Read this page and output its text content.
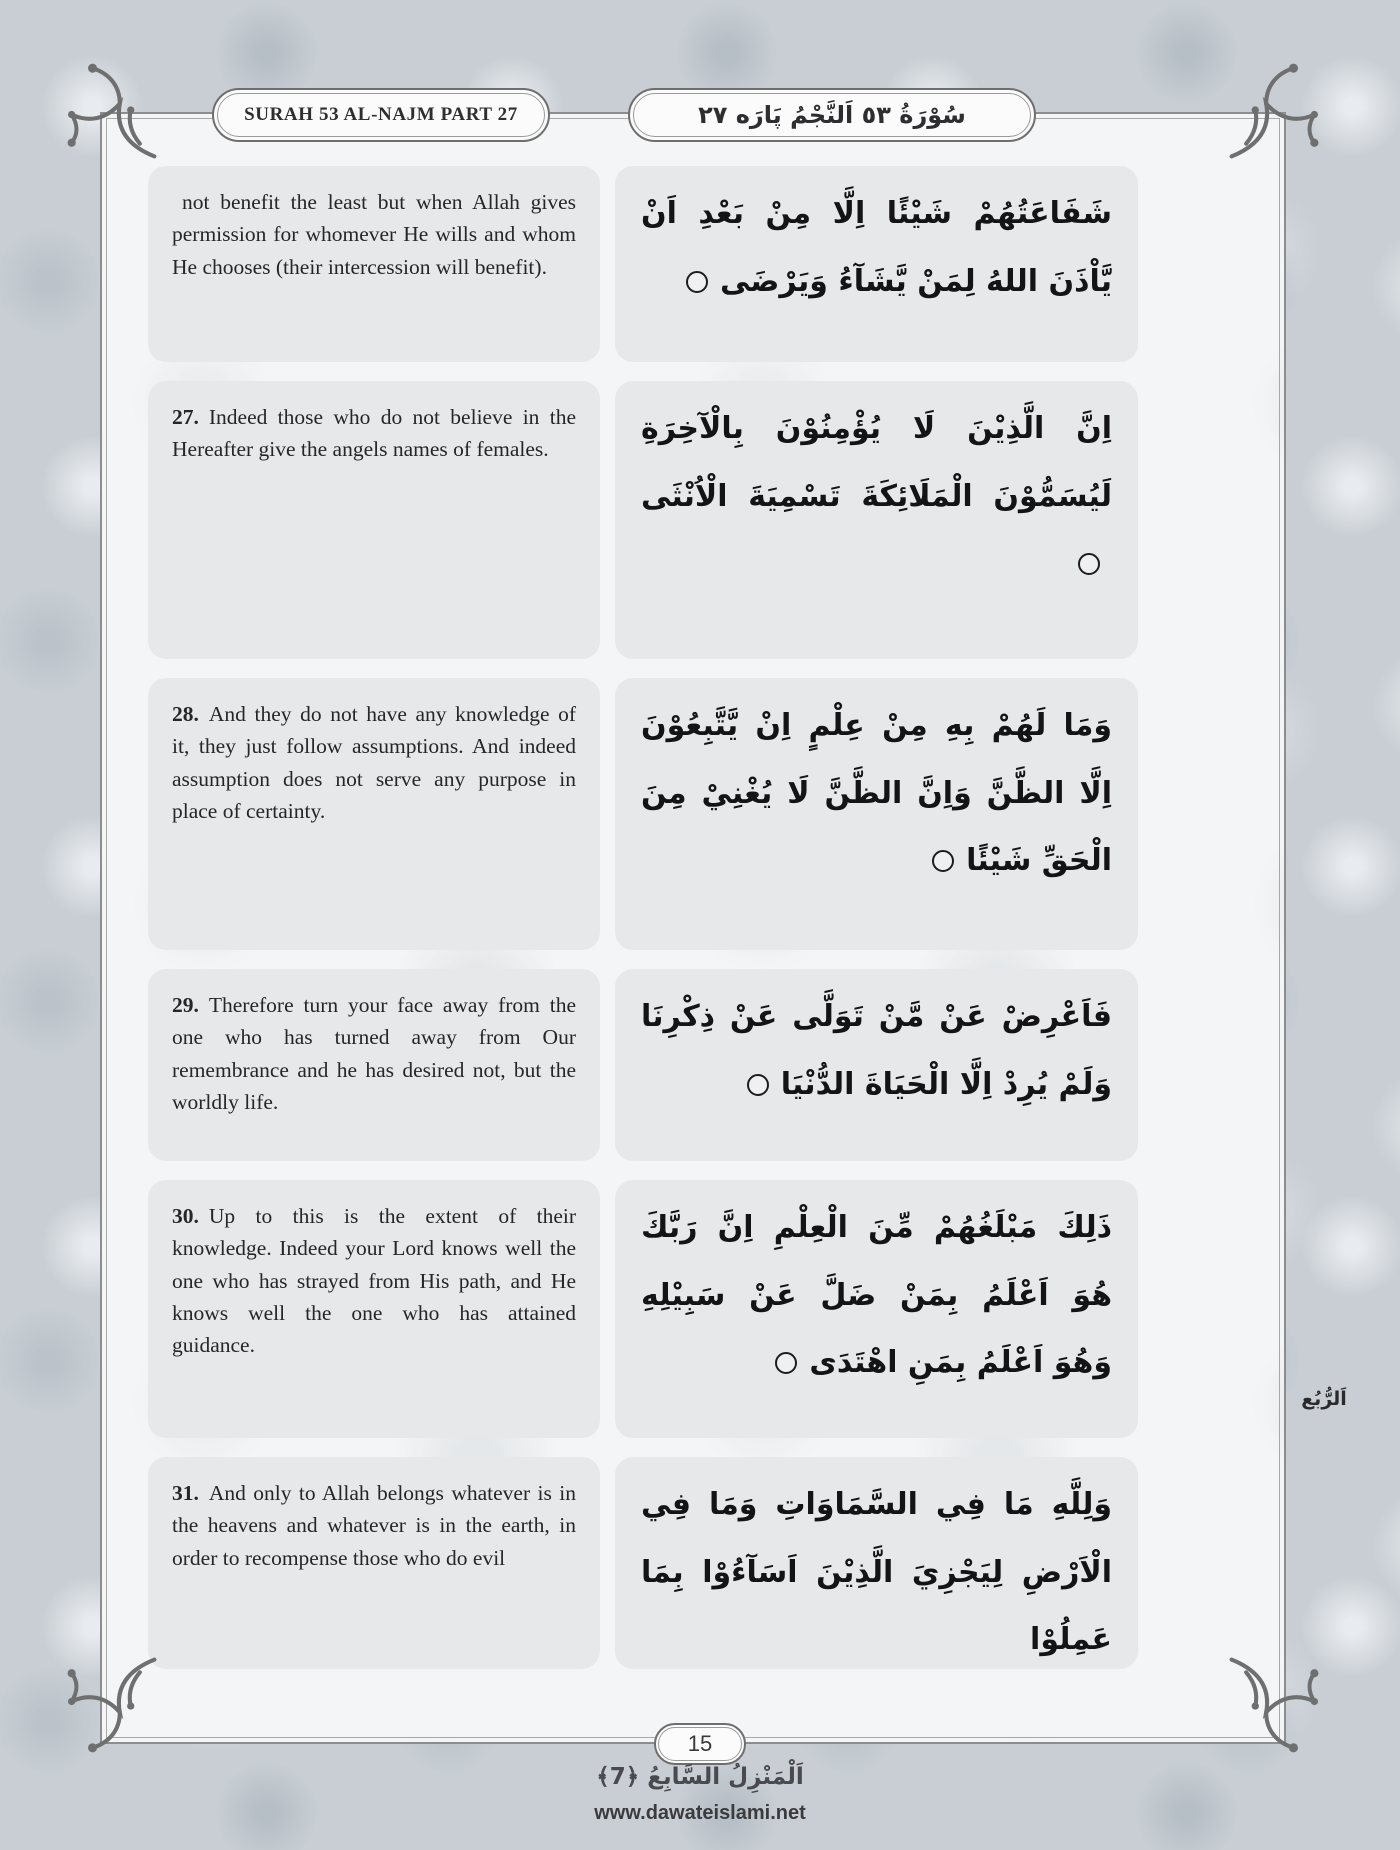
SURAH 53 AL-NAJM PART 27	سُوْرَةُ ٥٣ اَلنَّجْمُ پَارَه ٢٧
not benefit the least but when Allah gives permission for whomever He wills and whom He chooses (their intercession will benefit).
شَفَاعَتُهُمْ شَيْئًا اِلَّا مِنْ بَعْدِ اَنْ يَّاْذَنَ اللهُ لِمَنْ يَّشَآءُ وَيَرْضَى
27. Indeed those who do not believe in the Hereafter give the angels names of females.
اِنَّ الَّذِيْنَ لَا يُؤْمِنُوْنَ بِالْآخِرَةِ لَيُسَمُّوْنَ الْمَلَائِكَةَ تَسْمِيَةَ الْاُنْثَى
28. And they do not have any knowledge of it, they just follow assumptions. And indeed assumption does not serve any purpose in place of certainty.
وَمَا لَهُمْ بِهِ مِنْ عِلْمٍ اِنْ يَّتَّبِعُوْنَ اِلَّا الظَّنَّ وَاِنَّ الظَّنَّ لَا يُغْنِيْ مِنَ الْحَقِّ شَيْئًا
29. Therefore turn your face away from the one who has turned away from Our remembrance and he has desired not, but the worldly life.
فَاَعْرِضْ عَنْ مَّنْ تَوَلَّى عَنْ ذِكْرِنَا وَلَمْ يُرِدْ اِلَّا الْحَيَاةَ الدُّنْيَا
30. Up to this is the extent of their knowledge. Indeed your Lord knows well the one who has strayed from His path, and He knows well the one who has attained guidance.
ذَلِكَ مَبْلَغُهُمْ مِّنَ الْعِلْمِ اِنَّ رَبَّكَ هُوَ اَعْلَمُ بِمَنْ ضَلَّ عَنْ سَبِيْلِهِ وَهُوَ اَعْلَمُ بِمَنِ اهْتَدَى
31. And only to Allah belongs whatever is in the heavens and whatever is in the earth, in order to recompense those who do evil
وَلِلَّهِ مَا فِي السَّمَاوَاتِ وَمَا فِي الْاَرْضِ لِيَجْزِيَ الَّذِيْنَ اَسَآءُوْا بِمَا عَمِلُوْا
اَلرُّبُع
15
اَلْمَنْزِلُ السَّابِعُ ﴿7﴾
www.dawateislami.net
